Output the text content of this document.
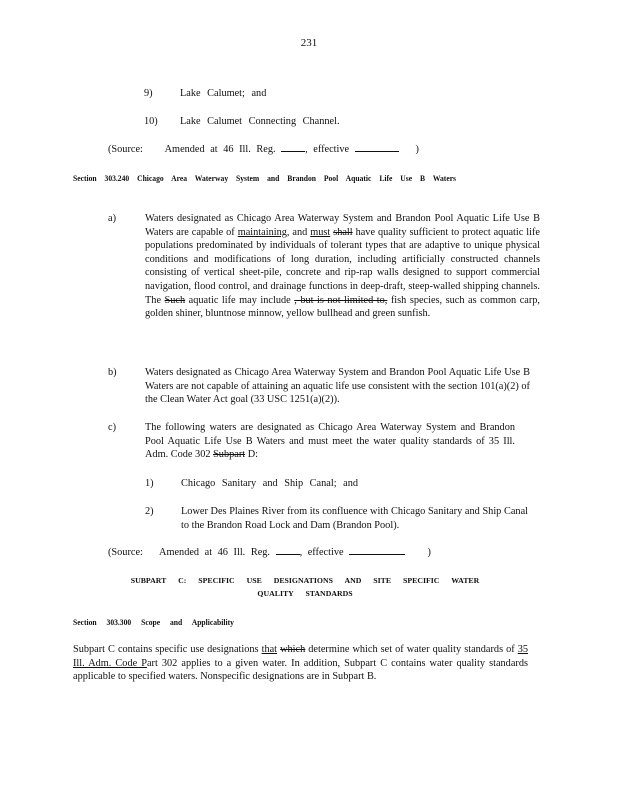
231
9)	Lake Calumet; and
10)	Lake Calumet Connecting Channel.
(Source: Amended at 46 Ill. Reg.	, effective	)
Section 303.240 Chicago Area Waterway System and Brandon Pool Aquatic Life Use B Waters
a)	Waters designated as Chicago Area Waterway System and Brandon Pool Aquatic Life Use B Waters are capable of maintaining, and must shall have quality sufficient to protect aquatic life populations predominated by individuals of tolerant types that are adaptive to unique physical conditions and modifications of long duration, including artificially constructed channels consisting of vertical sheet-pile, concrete and rip-rap walls designed to support commercial navigation, flood control, and drainage functions in deep-draft, steep-walled shipping channels. The Such aquatic life may include , but is not limited to, fish species, such as common carp, golden shiner, bluntnose minnow, yellow bullhead and green sunfish.
b)	Waters designated as Chicago Area Waterway System and Brandon Pool Aquatic Life Use B Waters are not capable of attaining an aquatic life use consistent with the section 101(a)(2) of the Clean Water Act goal (33 USC 1251(a)(2)).
c)	The following waters are designated as Chicago Area Waterway System and Brandon Pool Aquatic Life Use B Waters and must meet the water quality standards of 35 Ill. Adm. Code 302 Subpart D:
1)	Chicago Sanitary and Ship Canal; and
2)	Lower Des Plaines River from its confluence with Chicago Sanitary and Ship Canal to the Brandon Road Lock and Dam (Brandon Pool).
(Source: Amended at 46 Ill. Reg.	, effective	)
SUBPART C: SPECIFIC USE DESIGNATIONS AND SITE SPECIFIC WATER
QUALITY STANDARDS
Section 303.300 Scope and Applicability
Subpart C contains specific use designations that which determine which set of water quality standards of 35 Ill. Adm. Code Part 302 applies to a given water. In addition, Subpart C contains water quality standards applicable to specified waters. Nonspecific designations are in Subpart B.
